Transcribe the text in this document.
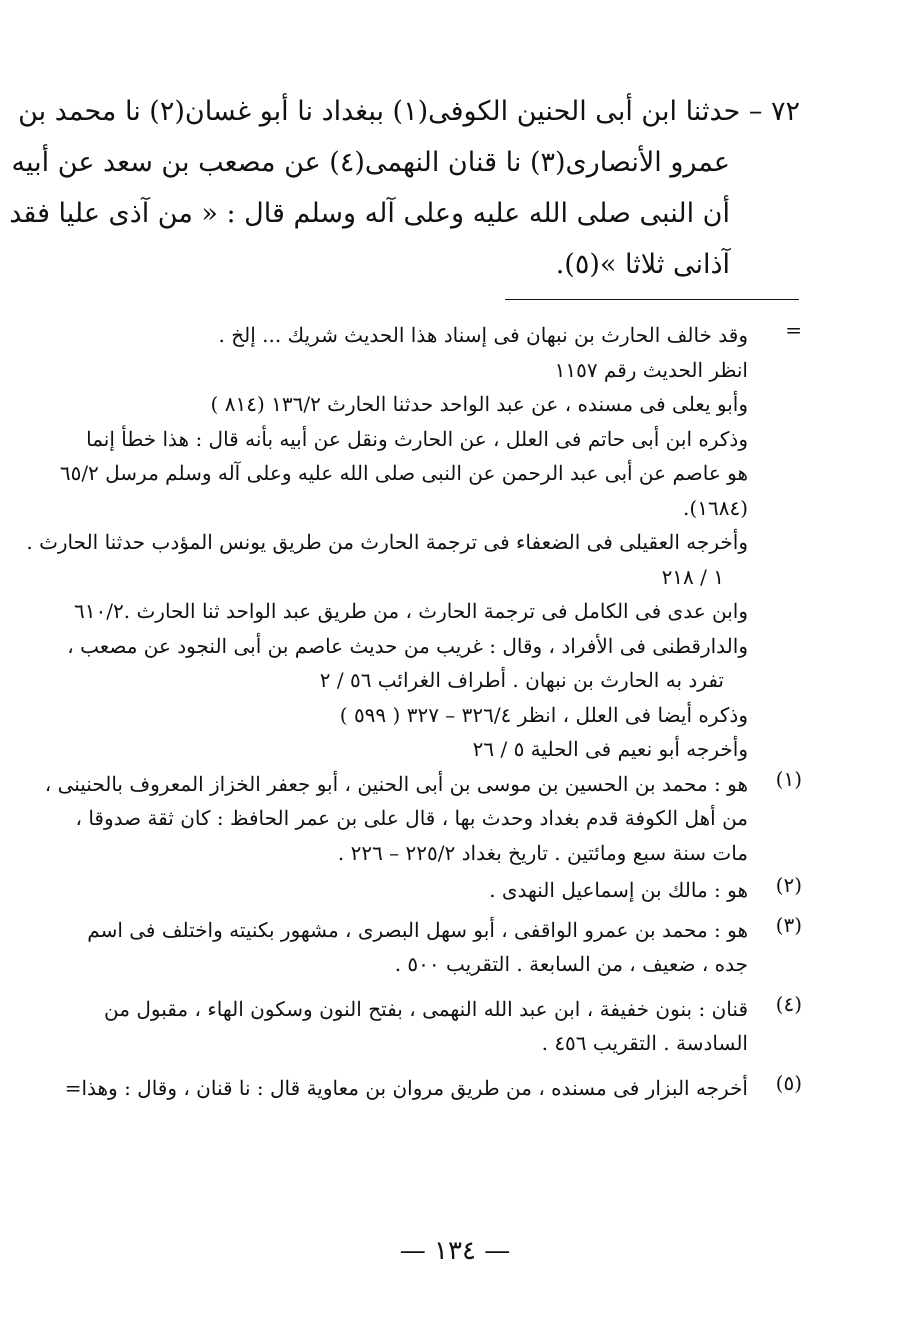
٧٢ – حدثنا ابن أبى الحنين الكوفى(١) ببغداد نا أبو غسان(٢) نا محمد بن
عمرو الأنصارى(٣) نا قنان النهمى(٤) عن مصعب بن سعد عن أبيه
أن النبى صلى الله عليه وعلى آله وسلم قال : « من آذى عليا فقد
آذانى ثلاثا »(٥).
=
وقد خالف الحارث بن نبهان فى إسناد هذا الحديث شريك ... إلخ .
انظر الحديث رقم ١١٥٧
وأبو يعلى فى مسنده ، عن عبد الواحد حدثنا الحارث ١٣٦/٢ (٨١٤ )
وذكره ابن أبى حاتم فى العلل ، عن الحارث ونقل عن أبيه بأنه قال : هذا خطأ إنما
هو عاصم عن أبى عبد الرحمن عن النبى صلى الله عليه وعلى آله وسلم مرسل ٦٥/٢
(١٦٨٤).
وأخرجه العقيلى فى الضعفاء فى ترجمة الحارث من طريق يونس المؤدب حدثنا الحارث .
١ / ٢١٨
وابن عدى فى الكامل فى ترجمة الحارث ، من طريق عبد الواحد ثنا الحارث .٦١٠/٢
والدارقطنى فى الأفراد ، وقال : غريب من حديث عاصم بن أبى النجود عن مصعب ،
تفرد به الحارث بن نبهان . أطراف الغرائب ٥٦ / ٢
وذكره أيضا فى العلل ، انظر ٣٢٦/٤ – ٣٢٧ ( ٥٩٩ )
وأخرجه أبو نعيم فى الحلية ٥ / ٢٦
(١)
هو : محمد بن الحسين بن موسى بن أبى الحنين ، أبو جعفر الخزاز المعروف بالحنينى ،
من أهل الكوفة قدم بغداد وحدث بها ، قال على بن عمر الحافظ : كان ثقة صدوقا ،
مات سنة سبع ومائتين . تاريخ بغداد ٢٢٥/٢ – ٢٢٦ .
(٢)
هو : مالك بن إسماعيل النهدى .
(٣)
هو : محمد بن عمرو الواقفى ، أبو سهل البصرى ، مشهور بكنيته واختلف فى اسم
جده ، ضعيف ، من السابعة . التقريب ٥٠٠ .
(٤)
قنان : بنون خفيفة ، ابن عبد الله النهمى ، بفتح النون وسكون الهاء ، مقبول من
السادسة . التقريب ٤٥٦ .
(٥)
أخرجه البزار فى مسنده ، من طريق مروان بن معاوية قال : نا قنان ، وقال : وهذا=
— ١٣٤ —
